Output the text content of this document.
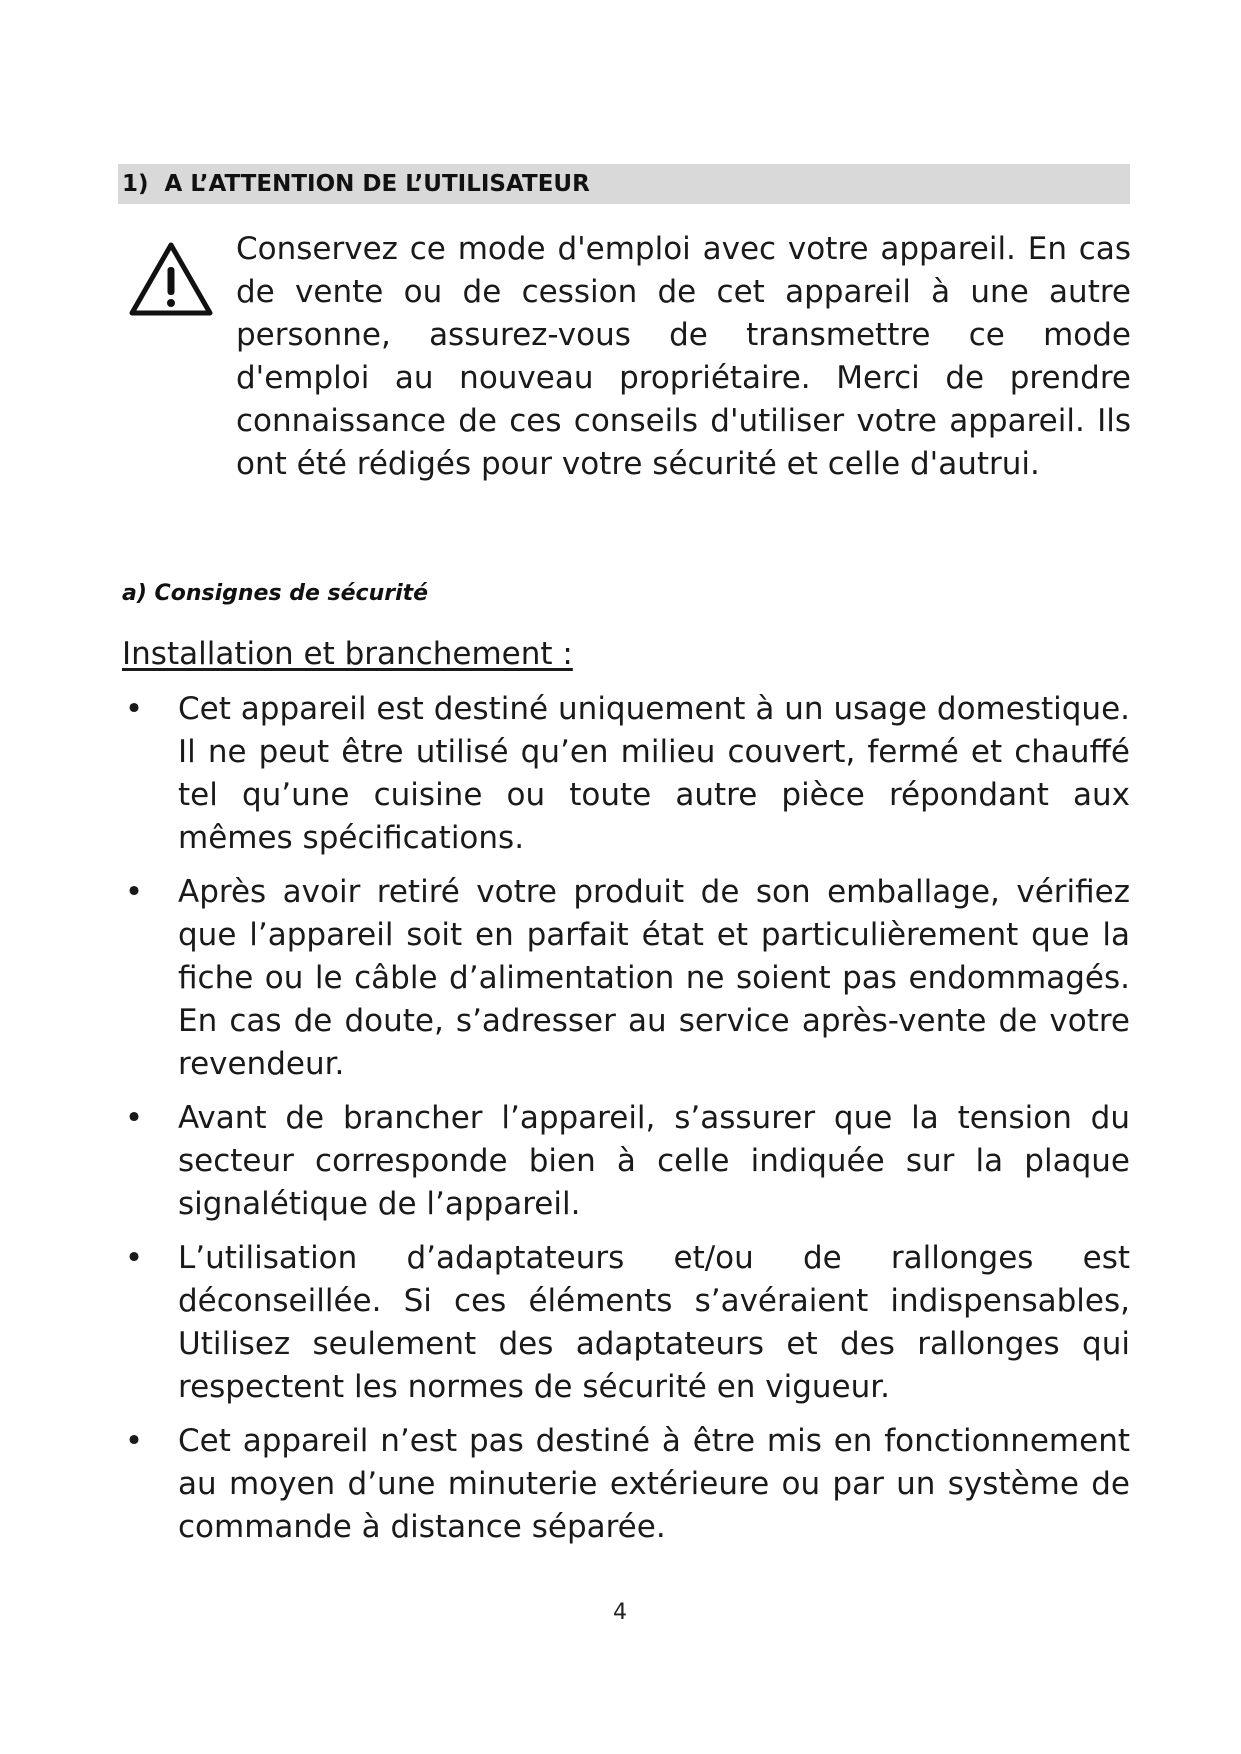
1) A L’ATTENTION DE L’UTILISATEUR

Conservez ce mode d'emploi avec votre appareil. En cas de vente ou de cession de cet appareil à une autre personne, assurez-vous de transmettre ce mode d'emploi au nouveau propriétaire. Merci de prendre connaissance de ces conseils d'utiliser votre appareil. Ils ont été rédigés pour votre sécurité et celle d'autrui.

a) Consignes de sécurité
Installation et branchement :
• Cet appareil est destiné uniquement à un usage domestique. Il ne peut être utilisé qu’en milieu couvert, fermé et chauffé tel qu’une cuisine ou toute autre pièce répondant aux mêmes spécifications.
• Après avoir retiré votre produit de son emballage, vérifiez que l’appareil soit en parfait état et particulièrement que la fiche ou le câble d’alimentation ne soient pas endommagés. En cas de doute, s’adresser au service après-vente de votre revendeur.
• Avant de brancher l’appareil, s’assurer que la tension du secteur corresponde bien à celle indiquée sur la plaque signalétique de l’appareil.
• L’utilisation d’adaptateurs et/ou de rallonges est déconseillée. Si ces éléments s’avéraient indispensables, Utilisez seulement des adaptateurs et des rallonges qui respectent les normes de sécurité en vigueur.
• Cet appareil n’est pas destiné à être mis en fonctionnement au moyen d’une minuterie extérieure ou par un système de commande à distance séparée.
4
